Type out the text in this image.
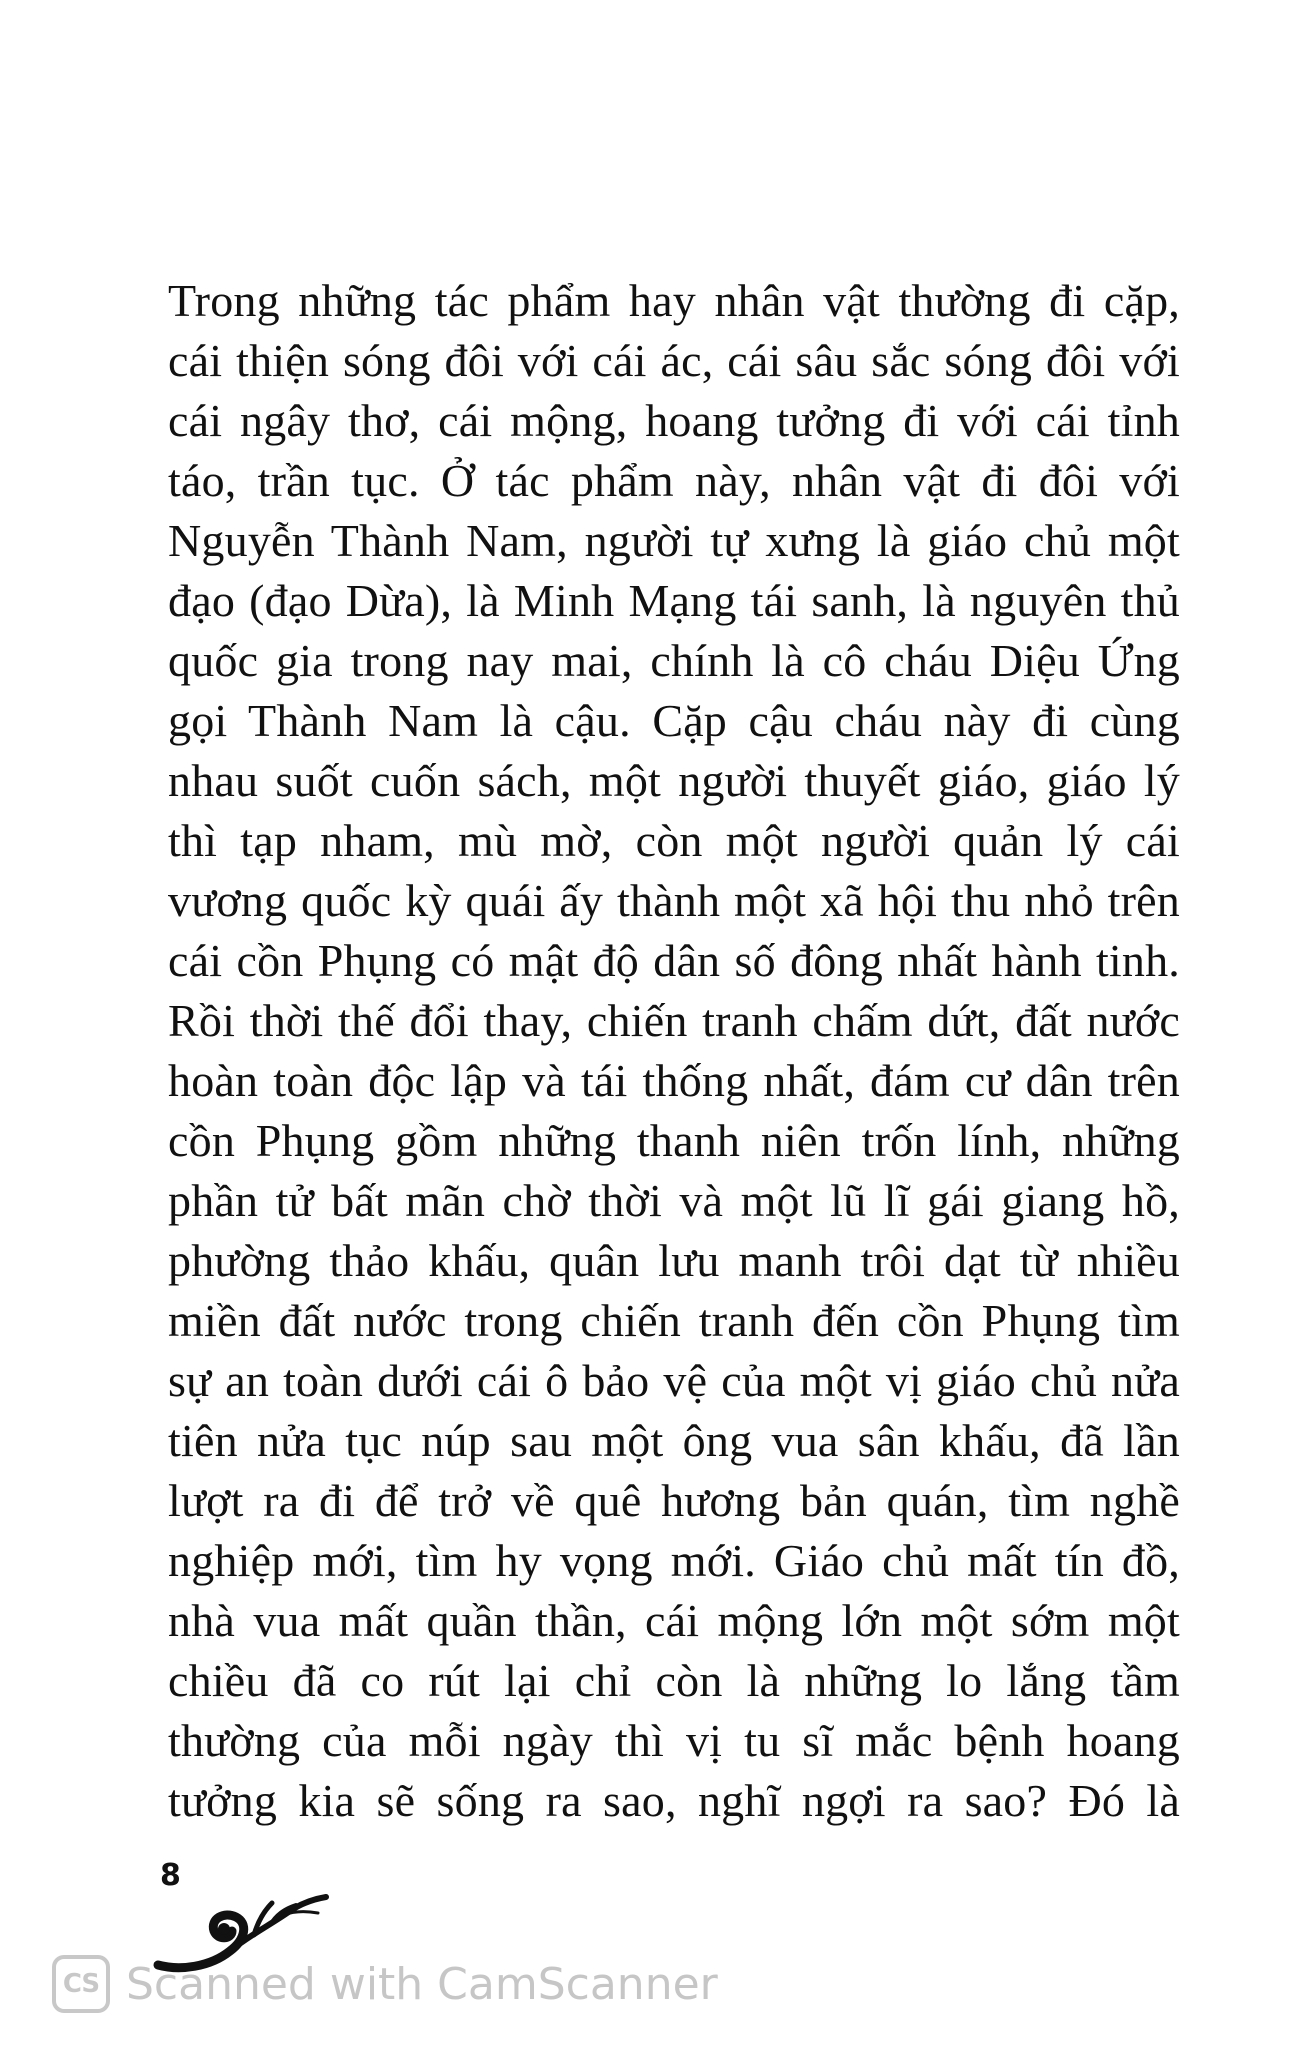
Trong những tác phẩm hay nhân vật thường đi cặp,
cái thiện sóng đôi với cái ác, cái sâu sắc sóng đôi với
cái ngây thơ, cái mộng, hoang tưởng đi với cái tỉnh
táo, trần tục. Ở tác phẩm này, nhân vật đi đôi với
Nguyễn Thành Nam, người tự xưng là giáo chủ một
đạo (đạo Dừa), là Minh Mạng tái sanh, là nguyên thủ
quốc gia trong nay mai, chính là cô cháu Diệu Ứng
gọi Thành Nam là cậu. Cặp cậu cháu này đi cùng
nhau suốt cuốn sách, một người thuyết giáo, giáo lý
thì tạp nham, mù mờ, còn một người quản lý cái
vương quốc kỳ quái ấy thành một xã hội thu nhỏ trên
cái cồn Phụng có mật độ dân số đông nhất hành tinh.
Rồi thời thế đổi thay, chiến tranh chấm dứt, đất nước
hoàn toàn độc lập và tái thống nhất, đám cư dân trên
cồn Phụng gồm những thanh niên trốn lính, những
phần tử bất mãn chờ thời và một lũ lĩ gái giang hồ,
phường thảo khấu, quân lưu manh trôi dạt từ nhiều
miền đất nước trong chiến tranh đến cồn Phụng tìm
sự an toàn dưới cái ô bảo vệ của một vị giáo chủ nửa
tiên nửa tục núp sau một ông vua sân khấu, đã lần
lượt ra đi để trở về quê hương bản quán, tìm nghề
nghiệp mới, tìm hy vọng mới. Giáo chủ mất tín đồ,
nhà vua mất quần thần, cái mộng lớn một sớm một
chiều đã co rút lại chỉ còn là những lo lắng tầm
thường của mỗi ngày thì vị tu sĩ mắc bệnh hoang
tưởng kia sẽ sống ra sao, nghĩ ngợi ra sao? Đó là
8
CS Scanned with CamScanner
